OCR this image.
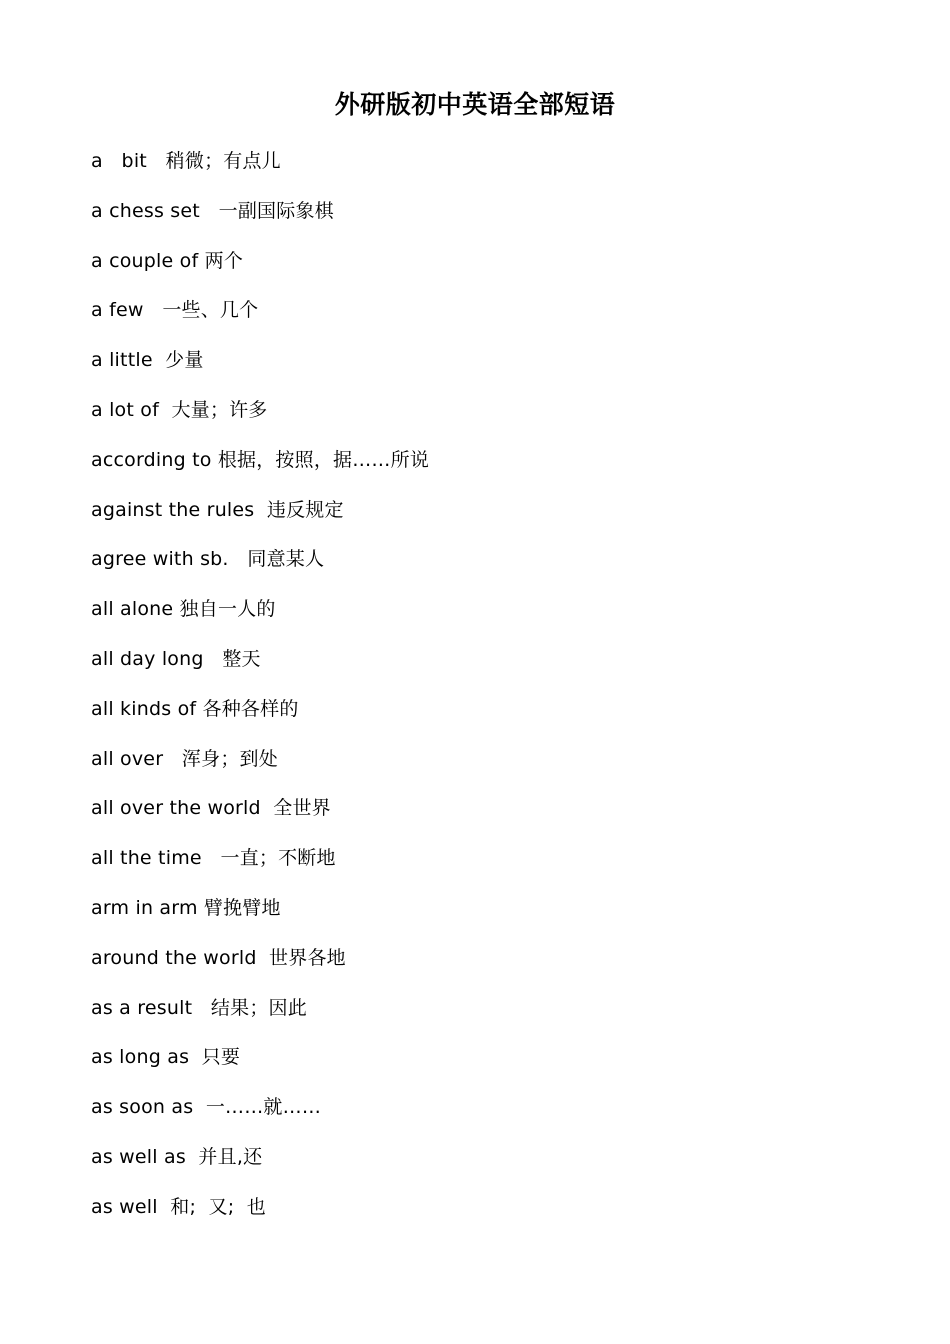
外研版初中英语全部短语
a   bit   稍微；有点儿
a chess set   一副国际象棋
a couple of 两个
a few   一些、几个
a little  少量
a lot of  大量；许多
according to 根据，按照，据……所说
against the rules  违反规定
agree with sb.   同意某人
all alone 独自一人的
all day long   整天
all kinds of 各种各样的
all over   浑身；到处
all over the world  全世界
all the time   一直；不断地
arm in arm 臂挽臂地
around the world  世界各地
as a result   结果；因此
as long as  只要
as soon as  一……就……
as well as  并且,还
as well  和;  又;  也
